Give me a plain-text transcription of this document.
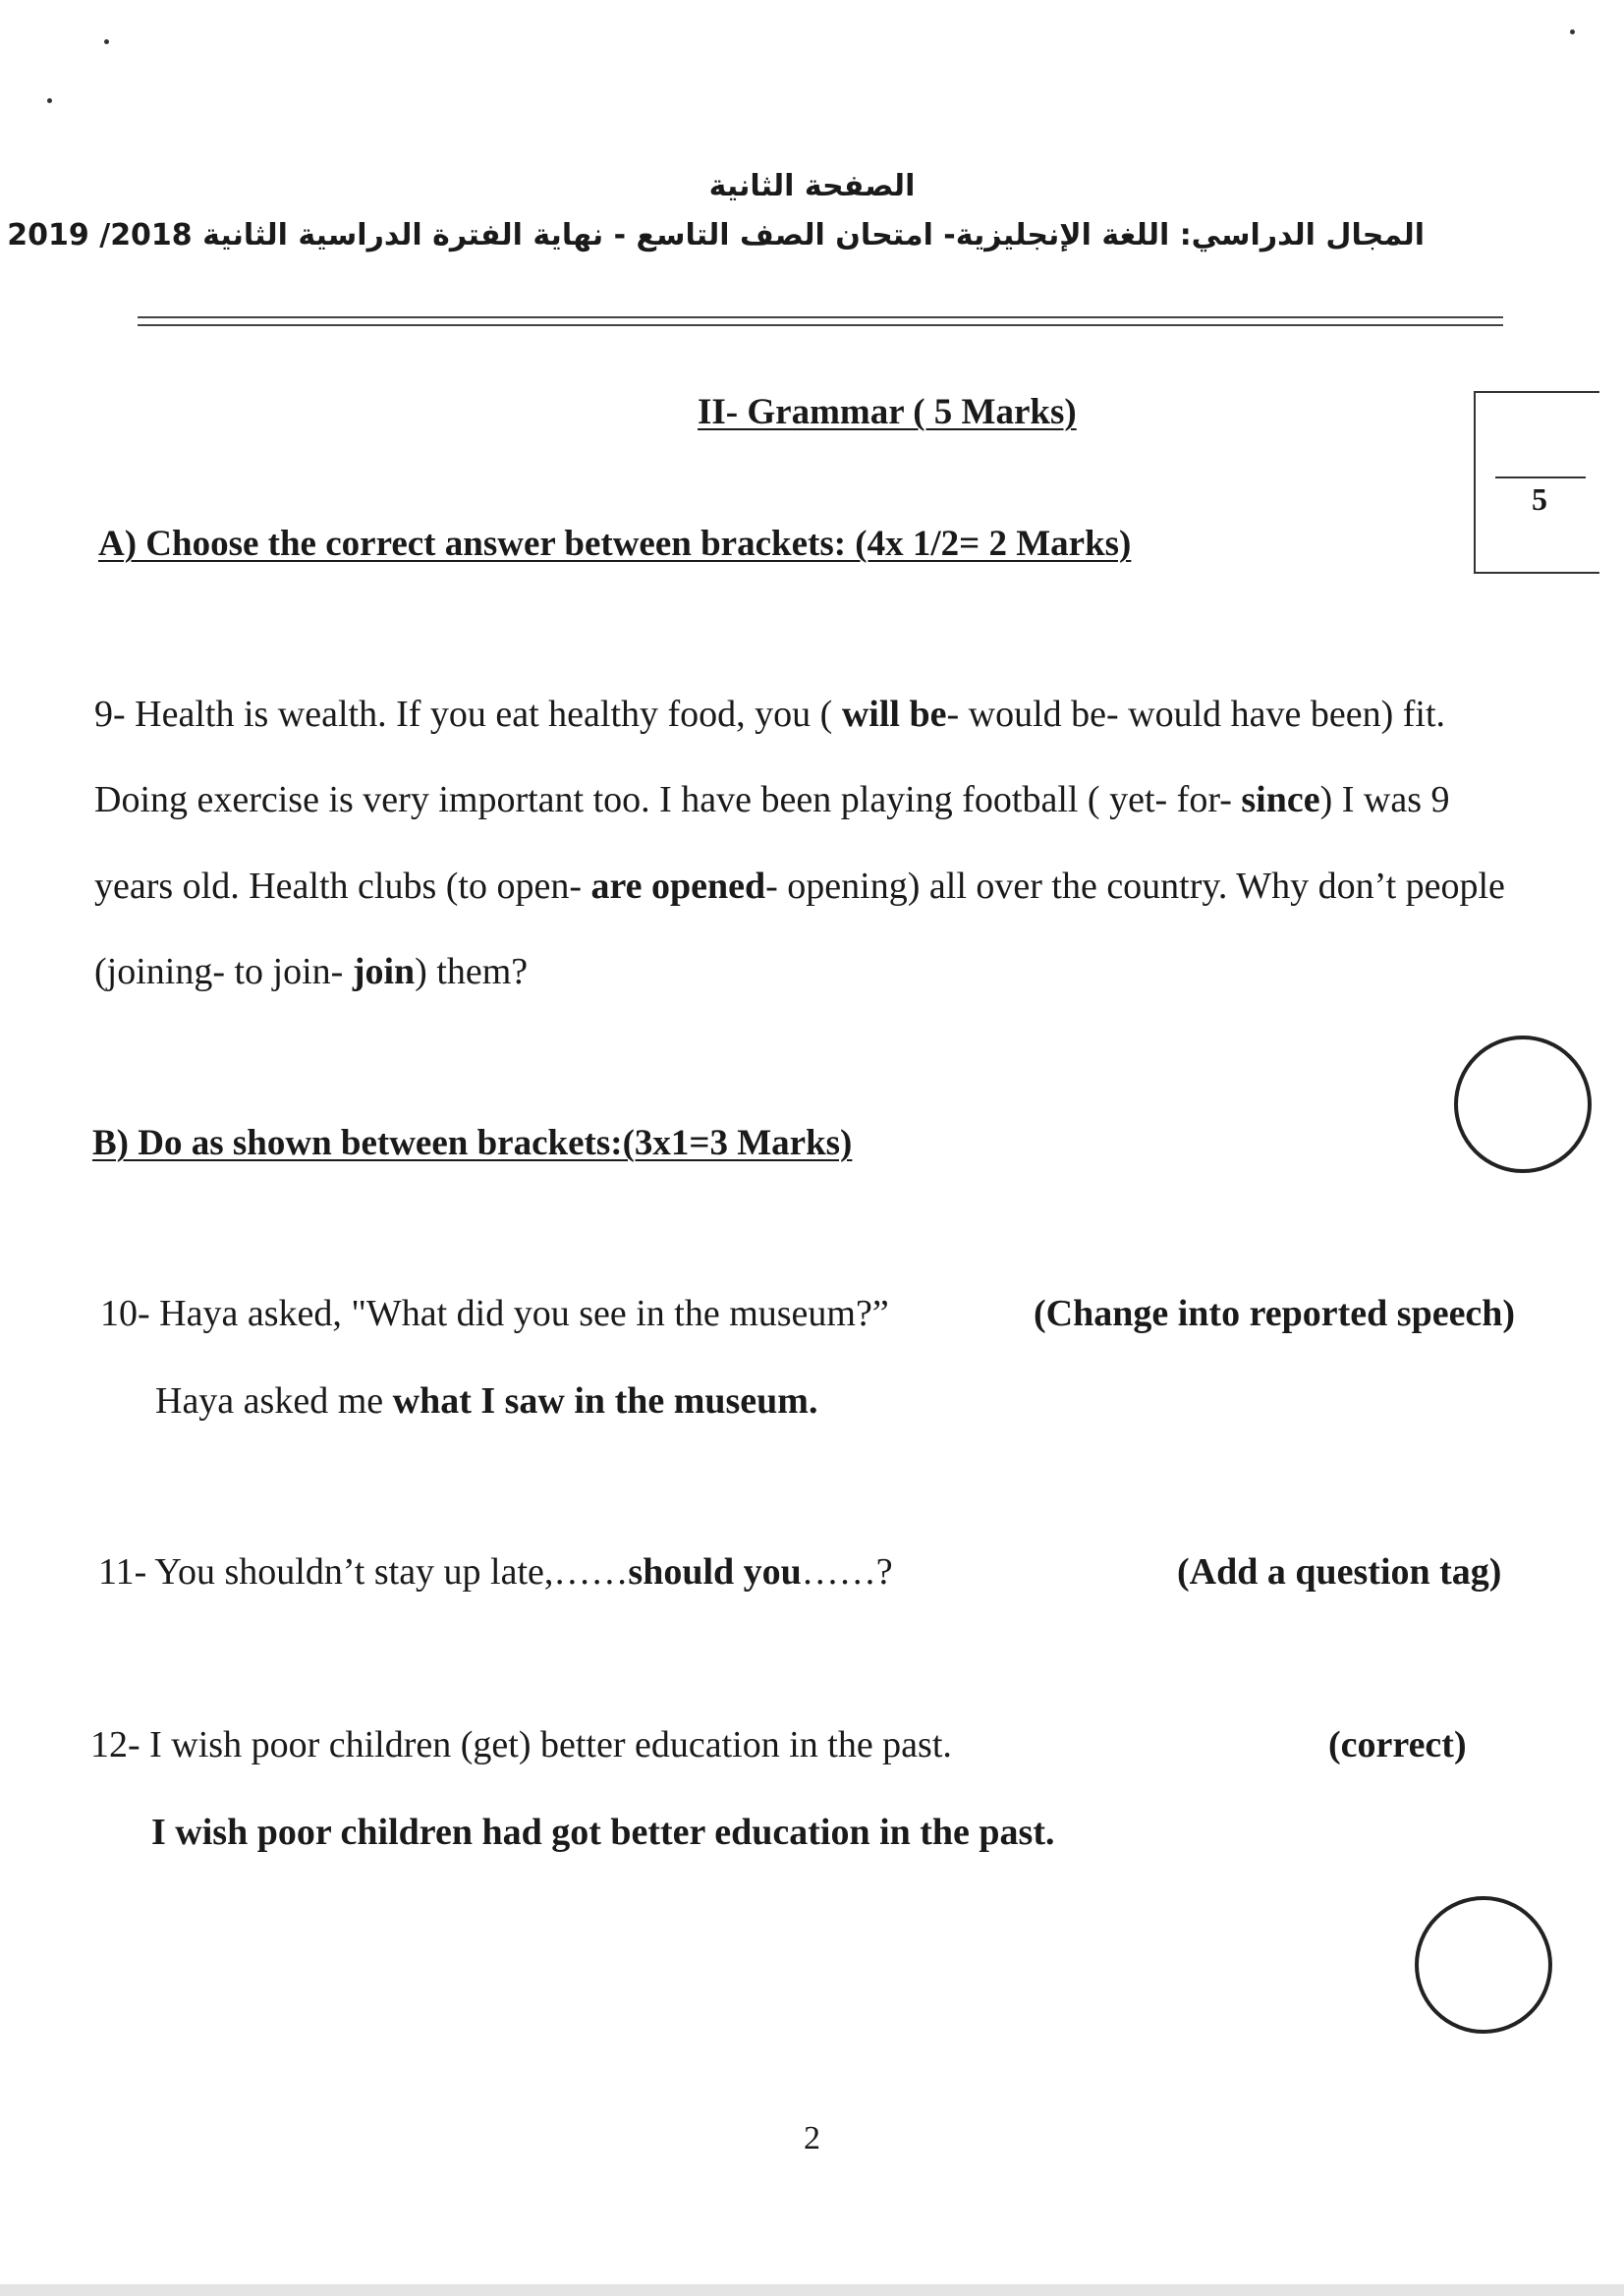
الصفحة الثانية
المجال الدراسي: اللغة الإنجليزية- امتحان الصف التاسع - نهاية الفترة الدراسية الثانية 2018/ 2019
II- Grammar ( 5 Marks)
5
A) Choose the correct answer between brackets: (4x 1/2= 2 Marks)
9- Health is wealth. If you eat healthy food, you ( will be- would be- would have been) fit.
Doing exercise is very important too. I have been playing football ( yet- for- since) I was 9
years old. Health clubs (to open- are opened- opening) all over the country. Why don’t people
(joining- to join- join) them?
B) Do as shown between brackets:(3x1=3 Marks)
10- Haya asked, "What did you see in the museum?”	(Change into reported speech)
Haya asked me what I saw in the museum.
11- You shouldn’t stay up late,……should you……?	(Add a question tag)
12- I wish poor children (get) better education in the past.	(correct)
I wish poor children had got better education in the past.
2
